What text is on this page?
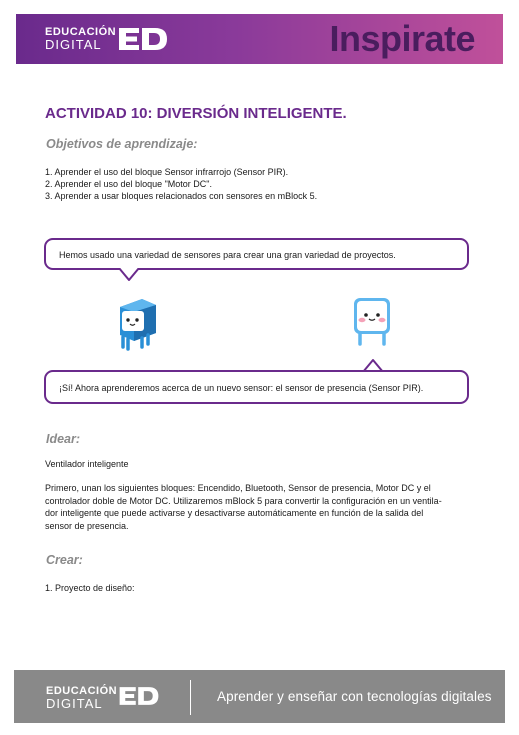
EDUCACIÓN
DIGITAL	Inspirate
ACTIVIDAD 10: DIVERSIÓN INTELIGENTE.
Objetivos de aprendizaje:
1. Aprender el uso del bloque Sensor infrarrojo (Sensor PIR).
2. Aprender el uso del bloque "Motor DC".
3. Aprender a usar bloques relacionados con sensores en mBlock 5.
Hemos usado una variedad de sensores para crear una gran variedad de proyectos.
¡Sí! Ahora aprenderemos acerca de un nuevo sensor: el sensor de presencia (Sensor PIR).
Idear:
Ventilador inteligente
Primero, unan los siguientes bloques: Encendido, Bluetooth, Sensor de presencia, Motor DC y el
controlador doble de Motor DC. Utilizaremos mBlock 5 para convertir la configuración en un ventila-
dor inteligente que puede activarse y desactivarse automáticamente en función de la salida del
sensor de presencia.
Crear:
1. Proyecto de diseño:
EDUCACIÓN
DIGITAL	Aprender y enseñar con tecnologías digitales
